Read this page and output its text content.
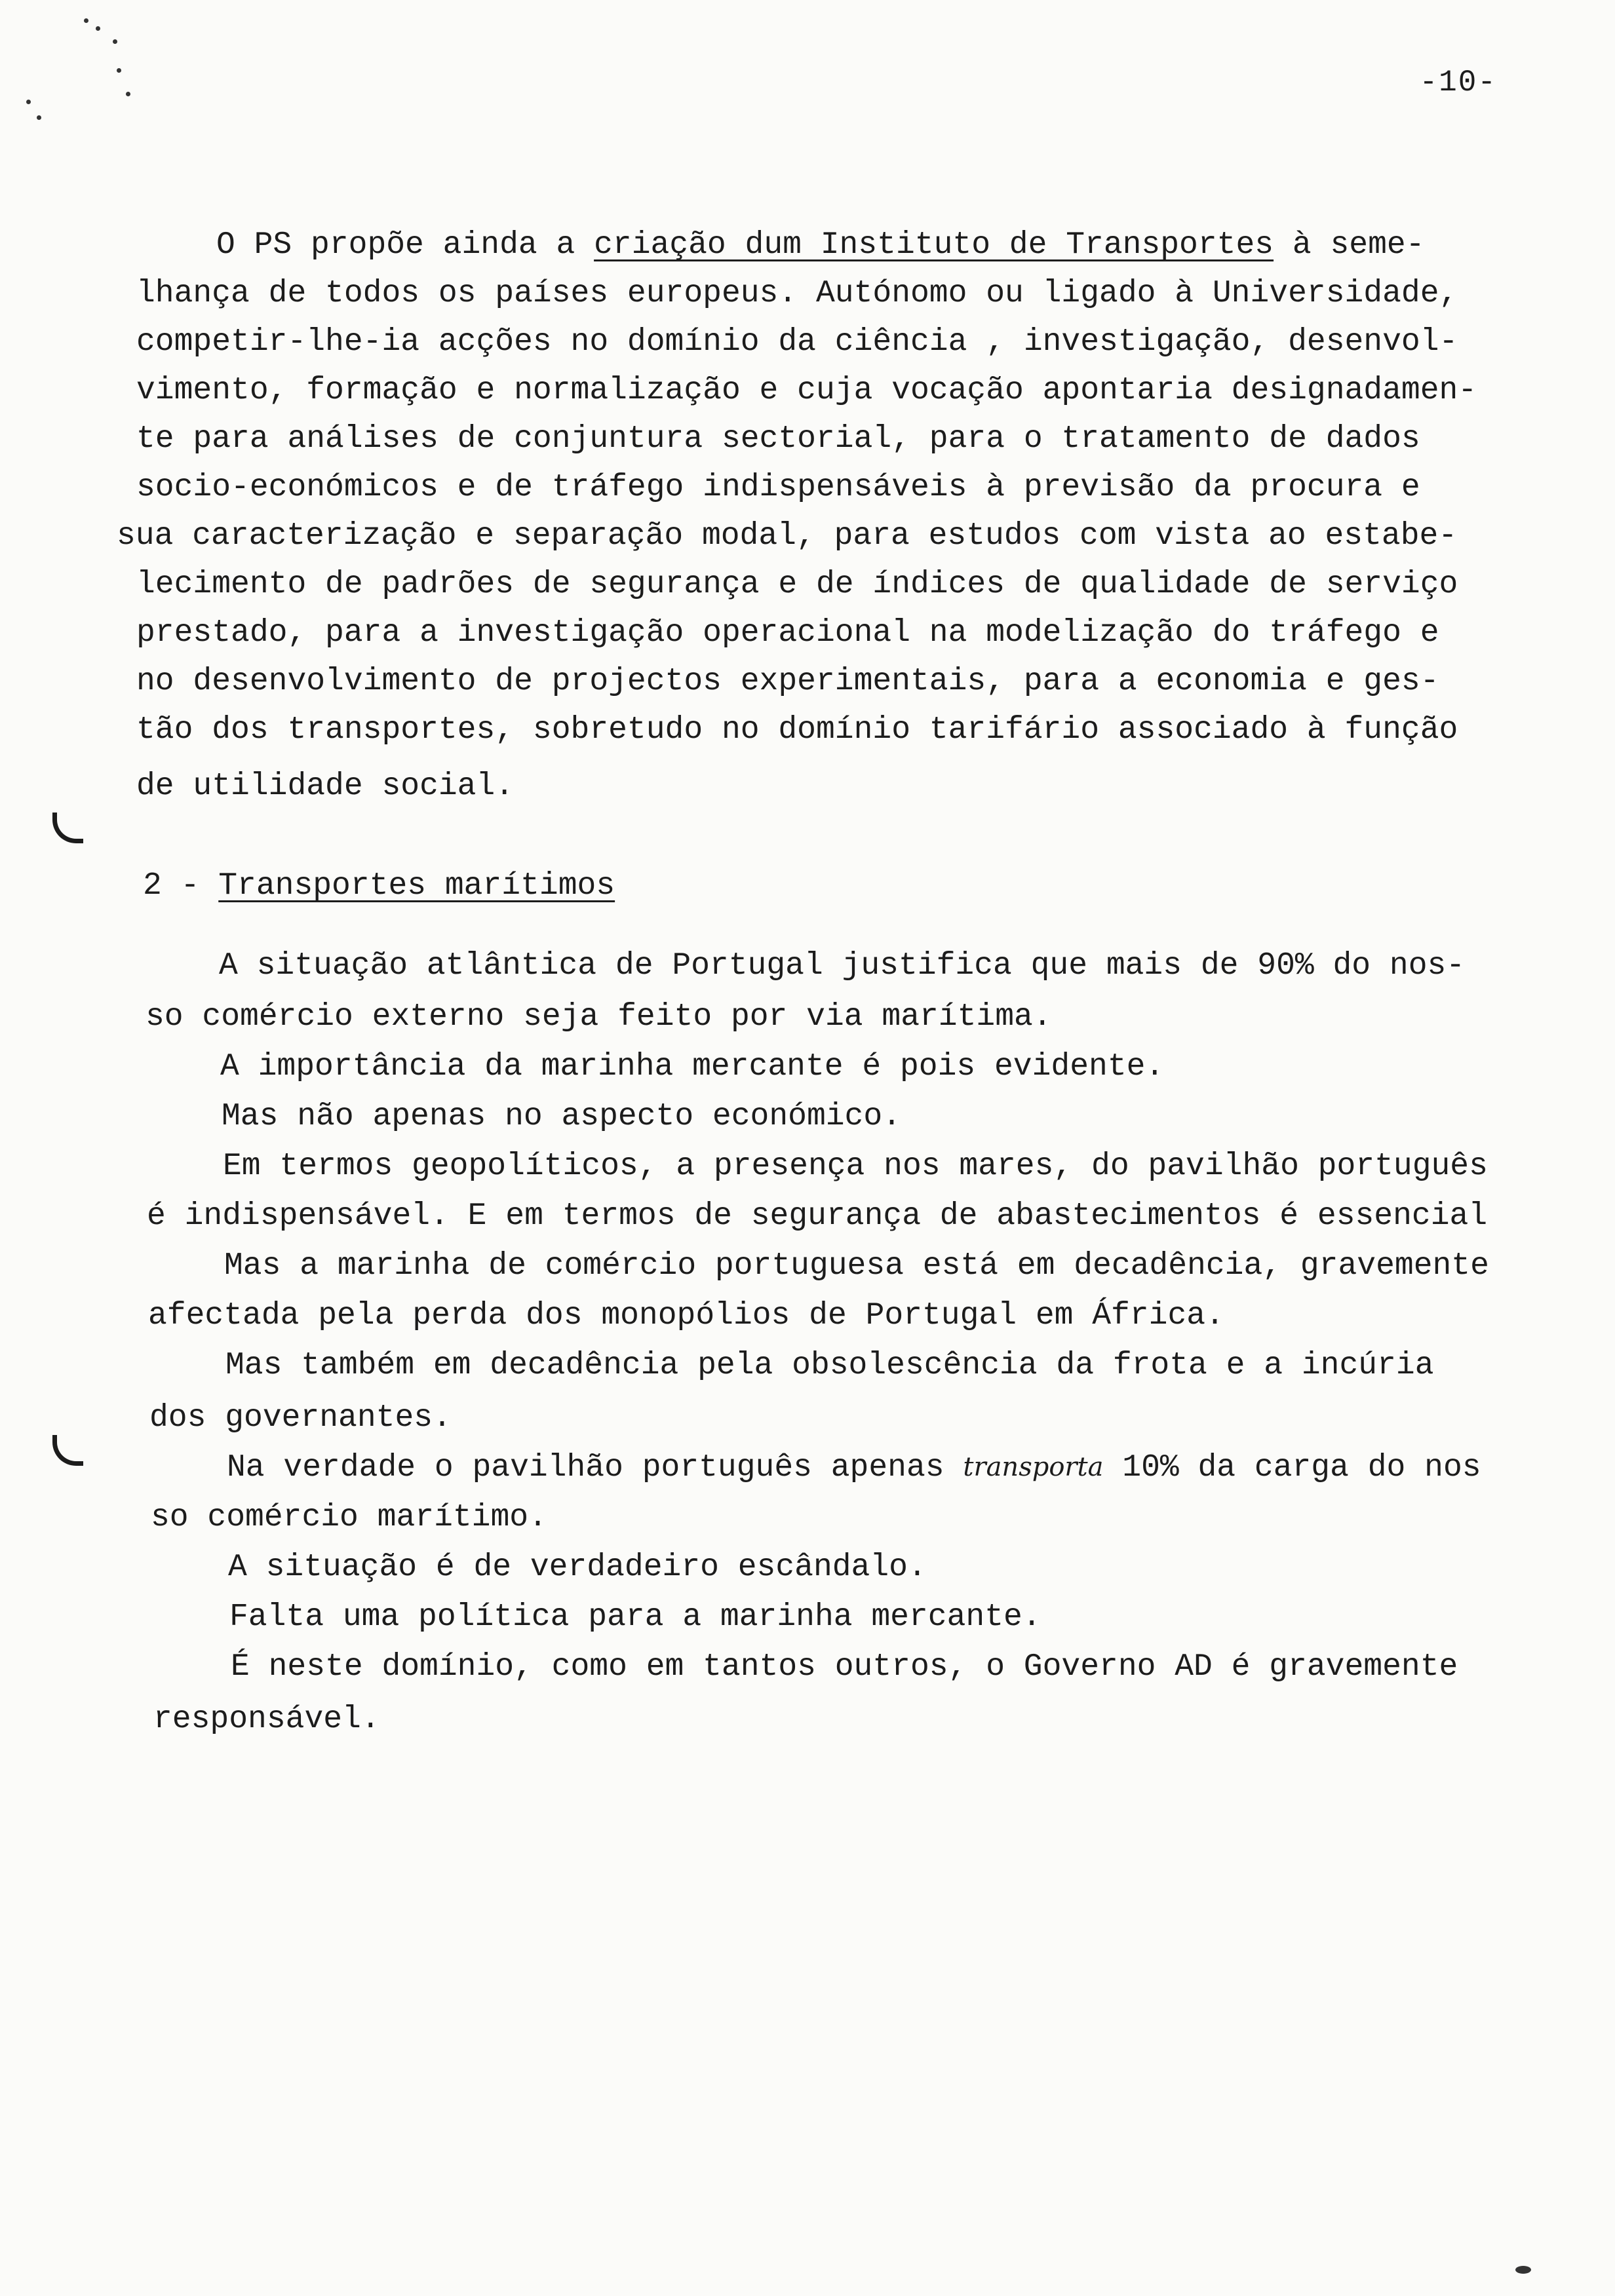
-10-
O PS propõe ainda a criação dum Instituto de Transportes à seme-
lhança de todos os países europeus. Autónomo ou ligado à Universidade,
competir-lhe-ia acções no domínio da ciência , investigação, desenvol-
vimento, formação e normalização e cuja vocação apontaria designadamen-
te para análises de conjuntura sectorial, para o tratamento de dados
socio-económicos e de tráfego indispensáveis à previsão da procura e
sua caracterização e separação modal, para estudos com vista ao estabe-
lecimento de padrões de segurança e de índices de qualidade de serviço
prestado, para a investigação operacional na modelização do tráfego e
no desenvolvimento de projectos experimentais, para a economia e ges-
tão dos transportes, sobretudo no domínio tarifário associado à função
de utilidade social.
2 - Transportes marítimos
A situação atlântica de Portugal justifica que mais de 90% do nos-
so comércio externo seja feito por via marítima.
A importância da marinha mercante é pois evidente.
Mas não apenas no aspecto económico.
Em termos geopolíticos, a presença nos mares, do pavilhão português
é indispensável. E em termos de segurança de abastecimentos é essencial
Mas a marinha de comércio portuguesa está em decadência, gravemente
afectada pela perda dos monopólios de Portugal em África.
Mas também em decadência pela obsolescência da frota e a incúria
dos governantes.
Na verdade o pavilhão português apenas transporta 10% da carga do nos
so comércio marítimo.
A situação é de verdadeiro escândalo.
Falta uma política para a marinha mercante.
É neste domínio, como em tantos outros, o Governo AD é gravemente
responsável.
